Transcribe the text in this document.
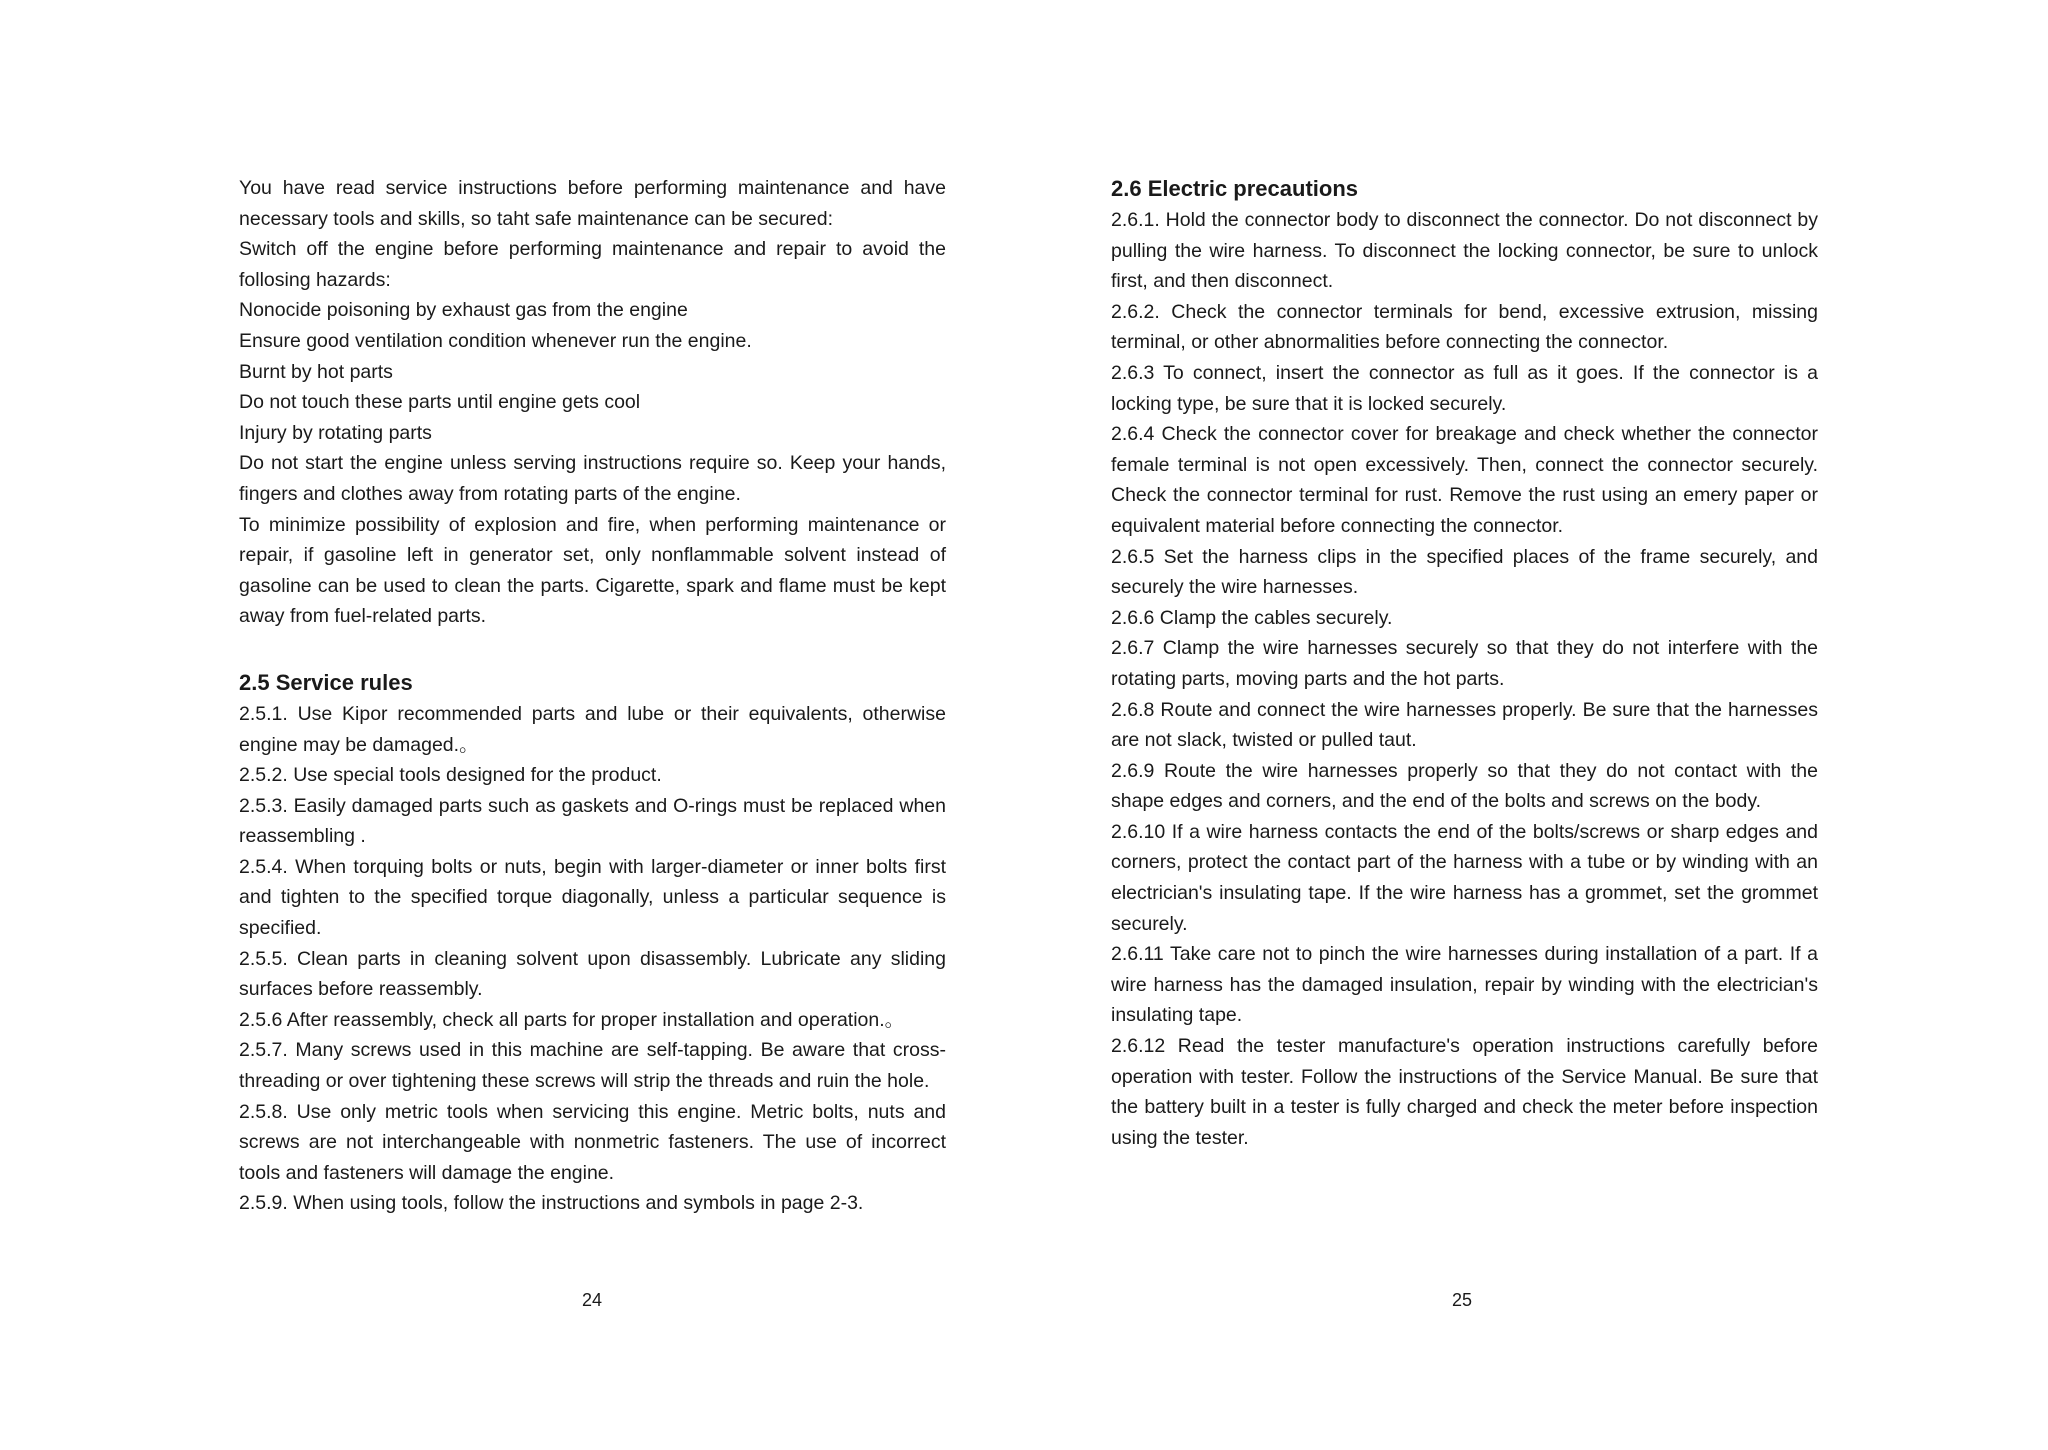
You have read service instructions before performing maintenance and have necessary tools and skills, so taht safe maintenance can be secured:

Switch off the engine before performing maintenance and repair to avoid the follosing hazards:

Nonocide poisoning by exhaust gas from the engine

Ensure good ventilation condition whenever run the engine.

Burnt by hot parts

Do not touch these parts until engine gets cool

Injury by rotating parts

Do not start the engine unless serving instructions require so. Keep your hands, fingers and clothes away from rotating parts of the engine.

To minimize possibility of explosion and fire, when performing maintenance or repair, if gasoline left in generator set, only nonflammable solvent instead of gasoline can be used to clean the parts. Cigarette, spark and flame must be kept away from fuel-related parts.

2.5 Service rules

2.5.1. Use Kipor recommended parts and lube or their equivalents, otherwise engine may be damaged.。

2.5.2. Use special tools designed for the product.

2.5.3. Easily damaged parts such as gaskets and O-rings must be replaced when reassembling .

2.5.4. When torquing bolts or nuts, begin with larger-diameter or inner bolts first and tighten to the specified torque diagonally, unless a particular sequence is specified.

2.5.5. Clean parts in cleaning solvent upon disassembly. Lubricate any sliding surfaces before reassembly.

2.5.6 After reassembly, check all parts for proper installation and operation.。

2.5.7. Many screws used in this machine are self-tapping. Be aware that cross-threading or over tightening these screws will strip the threads and ruin the hole.

2.5.8. Use only metric tools when servicing this engine. Metric bolts, nuts and screws are not interchangeable with nonmetric fasteners. The use of incorrect tools and fasteners will damage the engine.

2.5.9. When using tools, follow the instructions and symbols in page 2-3.

24
2.6 Electric precautions

2.6.1. Hold the connector body to disconnect the connector. Do not disconnect by pulling the wire harness. To disconnect the locking connector, be sure to unlock first, and then disconnect.

2.6.2. Check the connector terminals for bend, excessive extrusion, missing terminal, or other abnormalities before connecting the connector.

2.6.3 To connect, insert the connector as full as it goes. If the connector is a locking type, be sure that it is locked securely.

2.6.4 Check the connector cover for breakage and check whether the connector female terminal is not open excessively. Then, connect the connector securely. Check the connector terminal for rust. Remove the rust using an emery paper or equivalent material before connecting the connector.

2.6.5 Set the harness clips in the specified places of the frame securely, and securely the wire harnesses.

2.6.6 Clamp the cables securely.

2.6.7 Clamp the wire harnesses securely so that they do not interfere with the rotating parts, moving parts and the hot parts.

2.6.8 Route and connect the wire harnesses properly. Be sure that the harnesses are not slack, twisted or pulled taut.

2.6.9 Route the wire harnesses properly so that they do not contact with the shape edges and corners, and the end of the bolts and screws on the body.

2.6.10 If a wire harness contacts the end of the bolts/screws or sharp edges and corners, protect the contact part of the harness with a tube or by winding with an electrician's insulating tape. If the wire harness has a grommet, set the grommet securely.

2.6.11 Take care not to pinch the wire harnesses during installation of a part. If a wire harness has the damaged insulation, repair by winding with the electrician's insulating tape.

2.6.12 Read the tester manufacture's operation instructions carefully before operation with tester. Follow the instructions of the Service Manual. Be sure that the battery built in a tester is fully charged and check the meter before inspection using the tester.

25
